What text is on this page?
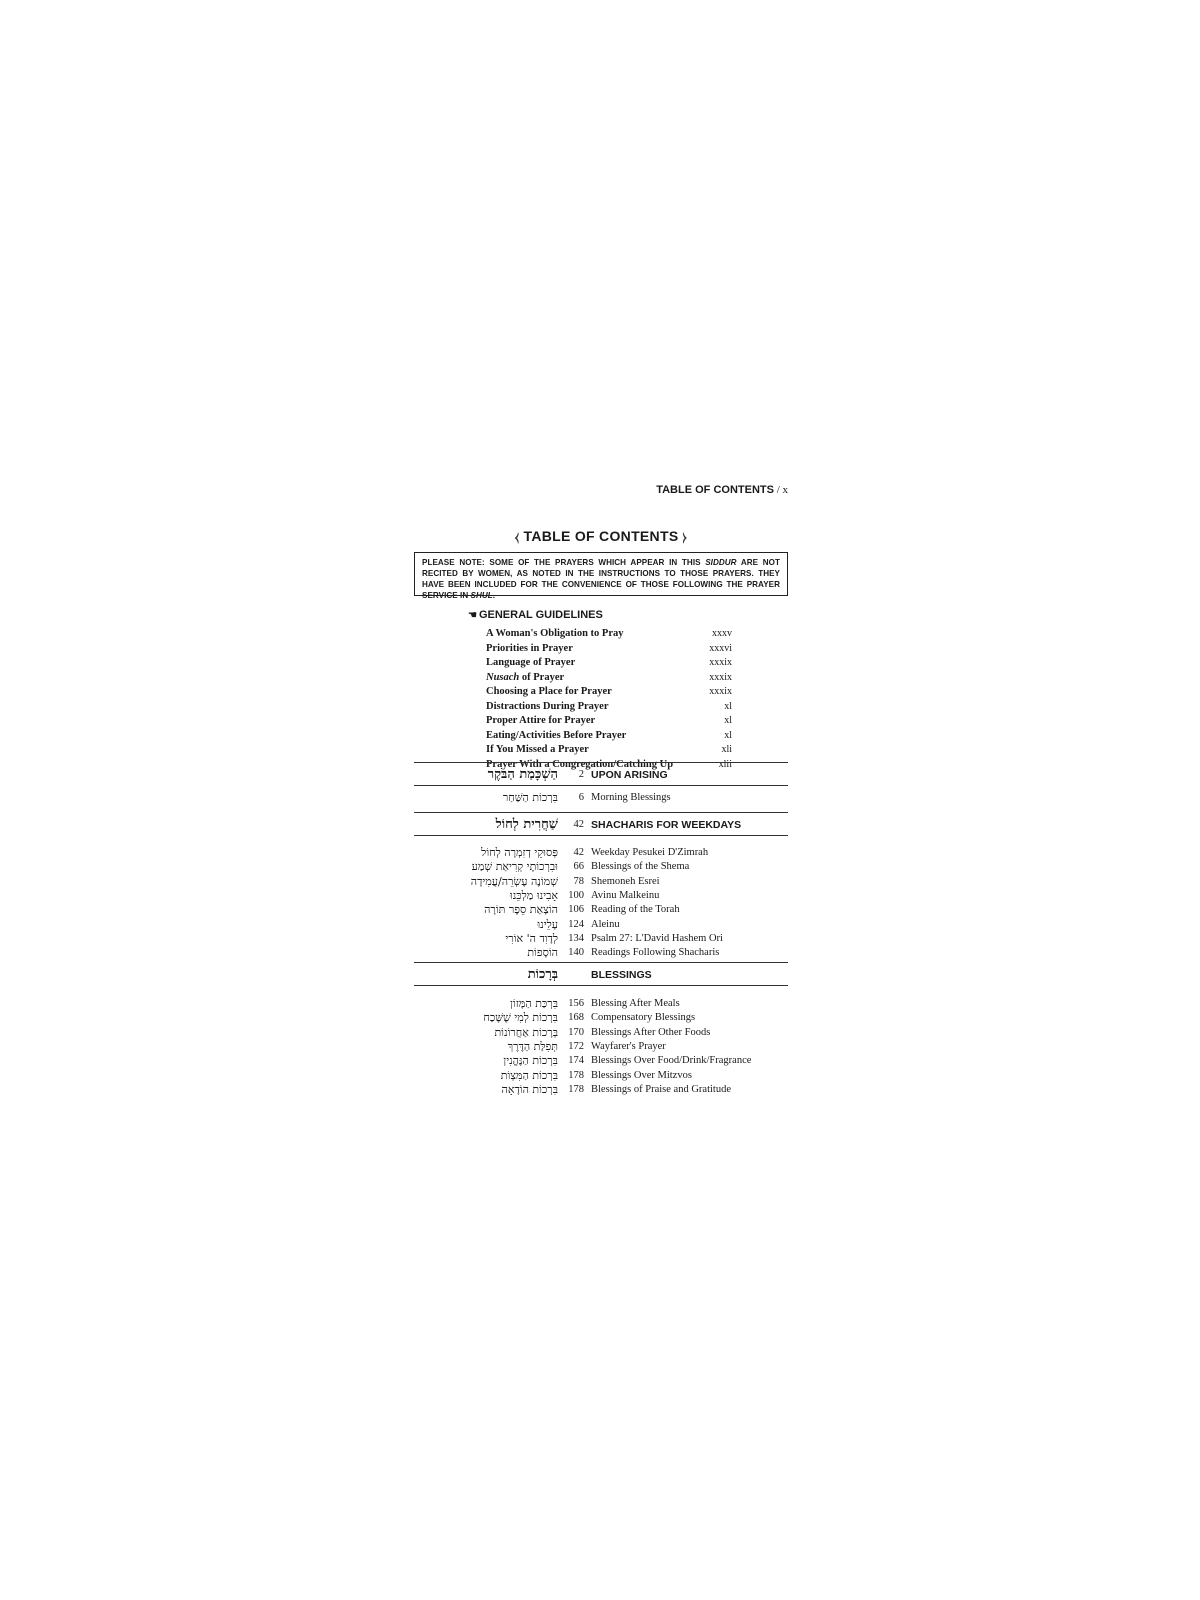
TABLE OF CONTENTS / x
⧼ TABLE OF CONTENTS ⧽
PLEASE NOTE: SOME OF THE PRAYERS WHICH APPEAR IN THIS SIDDUR ARE NOT RECITED BY WOMEN, AS NOTED IN THE INSTRUCTIONS TO THOSE PRAYERS. THEY HAVE BEEN INCLUDED FOR THE CONVENIENCE OF THOSE FOLLOWING THE PRAYER SERVICE IN SHUL.
☚ GENERAL GUIDELINES
A Woman's Obligation to Pray	xxxv
Priorities in Prayer	xxxvi
Language of Prayer	xxxix
Nusach of Prayer	xxxix
Choosing a Place for Prayer	xxxix
Distractions During Prayer	xl
Proper Attire for Prayer	xl
Eating/Activities Before Prayer	xl
If You Missed a Prayer	xli
Prayer With a Congregation/Catching Up	xlii
הַשְׁכָּמַת הַבֹּקֶר	2 UPON ARISING
בִּרְכוֹת הַשַּׁחַר	6 Morning Blessings
שַׁחֲרִית לְחוֹל	42 SHACHARIS FOR WEEKDAYS
פְּסוּקֵי דְזִמְרָה לְחוֹל	42 Weekday Pesukei D'Zimrah
וּבִרְכוֹתֶי קְרִיאַת שְׁמַע	66 Blessings of the Shema
שְׁמוֹנֶה עֶשְׂרֵה/עֲמִידָה	78 Shemoneh Esrei
אָבִינוּ מַלְכֵּנוּ 100 Avinu Malkeinu
הוֹצָאַת סֵפֶר תּוֹרָה 106 Reading of the Torah
עָלֵינוּ 124 Aleinu
לְדָוִד ה' אוֹרִי 134 Psalm 27: L'David Hashem Ori
הוֹסָפוֹת 140 Readings Following Shacharis
בְּרָכוֹת	BLESSINGS
בִּרְכַּת הַמָּזוֹן 156 Blessing After Meals
בִּרְכוֹת לְמִי שֶׁשָּׁכַח 168 Compensatory Blessings
בְּרָכוֹת אַחֲרוֹנוֹת 170 Blessings After Other Foods
תְּפִלַּת הַדֶּרֶךְ 172 Wayfarer's Prayer
בִּרְכוֹת הַנֶּהֱנִין 174 Blessings Over Food/Drink/Fragrance
בִּרְכוֹת הַמִּצְוֹת 178 Blessings Over Mitzvos
בִּרְכוֹת הוֹדָאָה 178 Blessings of Praise and Gratitude
